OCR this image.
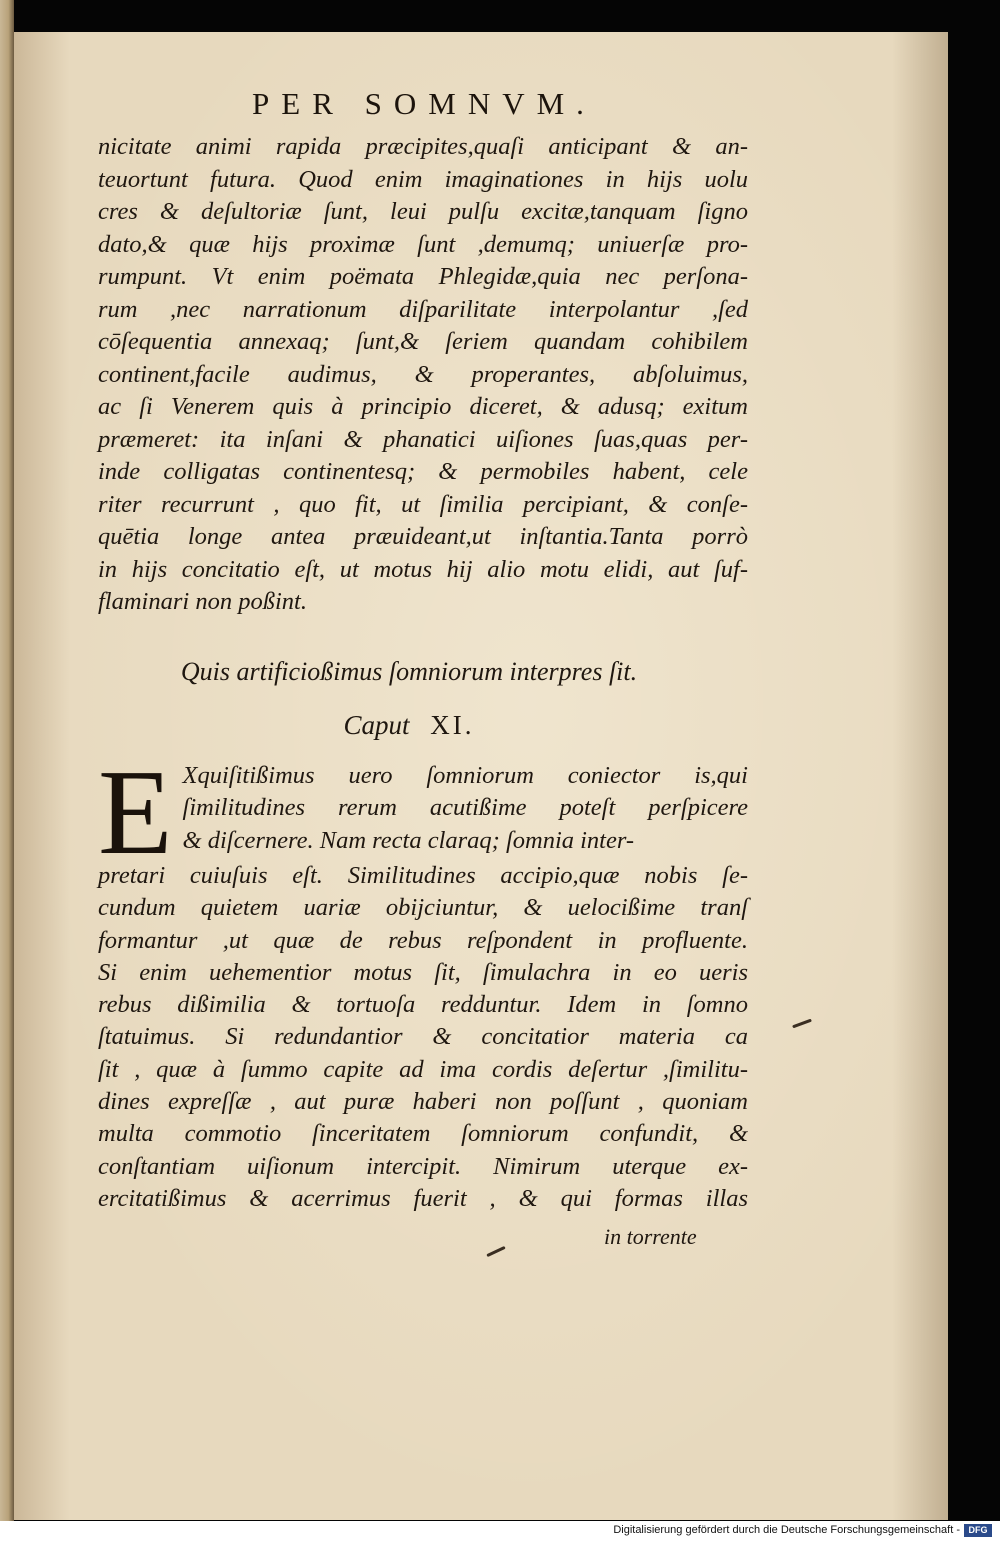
PER SOMNVM.
nicitate animi rapida præcipites,quaſi anticipant & an-
teuortunt futura. Quod enim imaginationes in hijs uolu
cres & deſultoriæ ſunt, leui pulſu excitæ,tanquam ſigno
dato,& quæ hijs proximæ ſunt ,demumq; uniuerſæ pro-
rumpunt. Vt enim poëmata Phlegidæ,quia nec perſona-
rum ,nec narrationum diſparilitate interpolantur ,ſed
cōſequentia annexaq; ſunt,& ſeriem quandam cohibilem
continent,facile audimus, & properantes, abſoluimus,
ac ſi Venerem quis à principio diceret, & adusq; exitum
præmeret: ita inſani & phanatici uiſiones ſuas,quas per-
inde colligatas continentesq; & permobiles habent, cele
riter recurrunt , quo fit, ut ſimilia percipiant, & conſe-
quētia longe antea præuideant,ut inſtantia.Tanta porrò
in hijs concitatio eſt, ut motus hij alio motu elidi, aut ſuf-
flaminari non poßint.
Quis artificioßimus ſomniorum interpres ſit.
Caput XI.
E Xquiſitißimus uero ſomniorum coniector is,qui
ſimilitudines rerum acutißime poteſt perſpicere
& diſcernere. Nam recta claraq; ſomnia inter-
pretari cuiuſuis eſt. Similitudines accipio,quæ nobis ſe-
cundum quietem uariæ obijciuntur, & uelocißime tranſ
formantur ,ut quæ de rebus reſpondent in profluente.
Si enim uehementior motus ſit, ſimulachra in eo ueris
rebus dißimilia & tortuoſa redduntur. Idem in ſomno
ſtatuimus. Si redundantior & concitatior materia ca
ſit , quæ à ſummo capite ad ima cordis deſertur ,ſimilitu-
dines expreſſæ , aut puræ haberi non poſſunt , quoniam
multa commotio ſinceritatem ſomniorum confundit, &
conſtantiam uiſionum intercipit. Nimirum uterque ex-
ercitatißimus & acerrimus fuerit , & qui formas illas
in torrente
Digitalisierung gefördert durch die Deutsche Forschungsgemeinschaft - DFG
